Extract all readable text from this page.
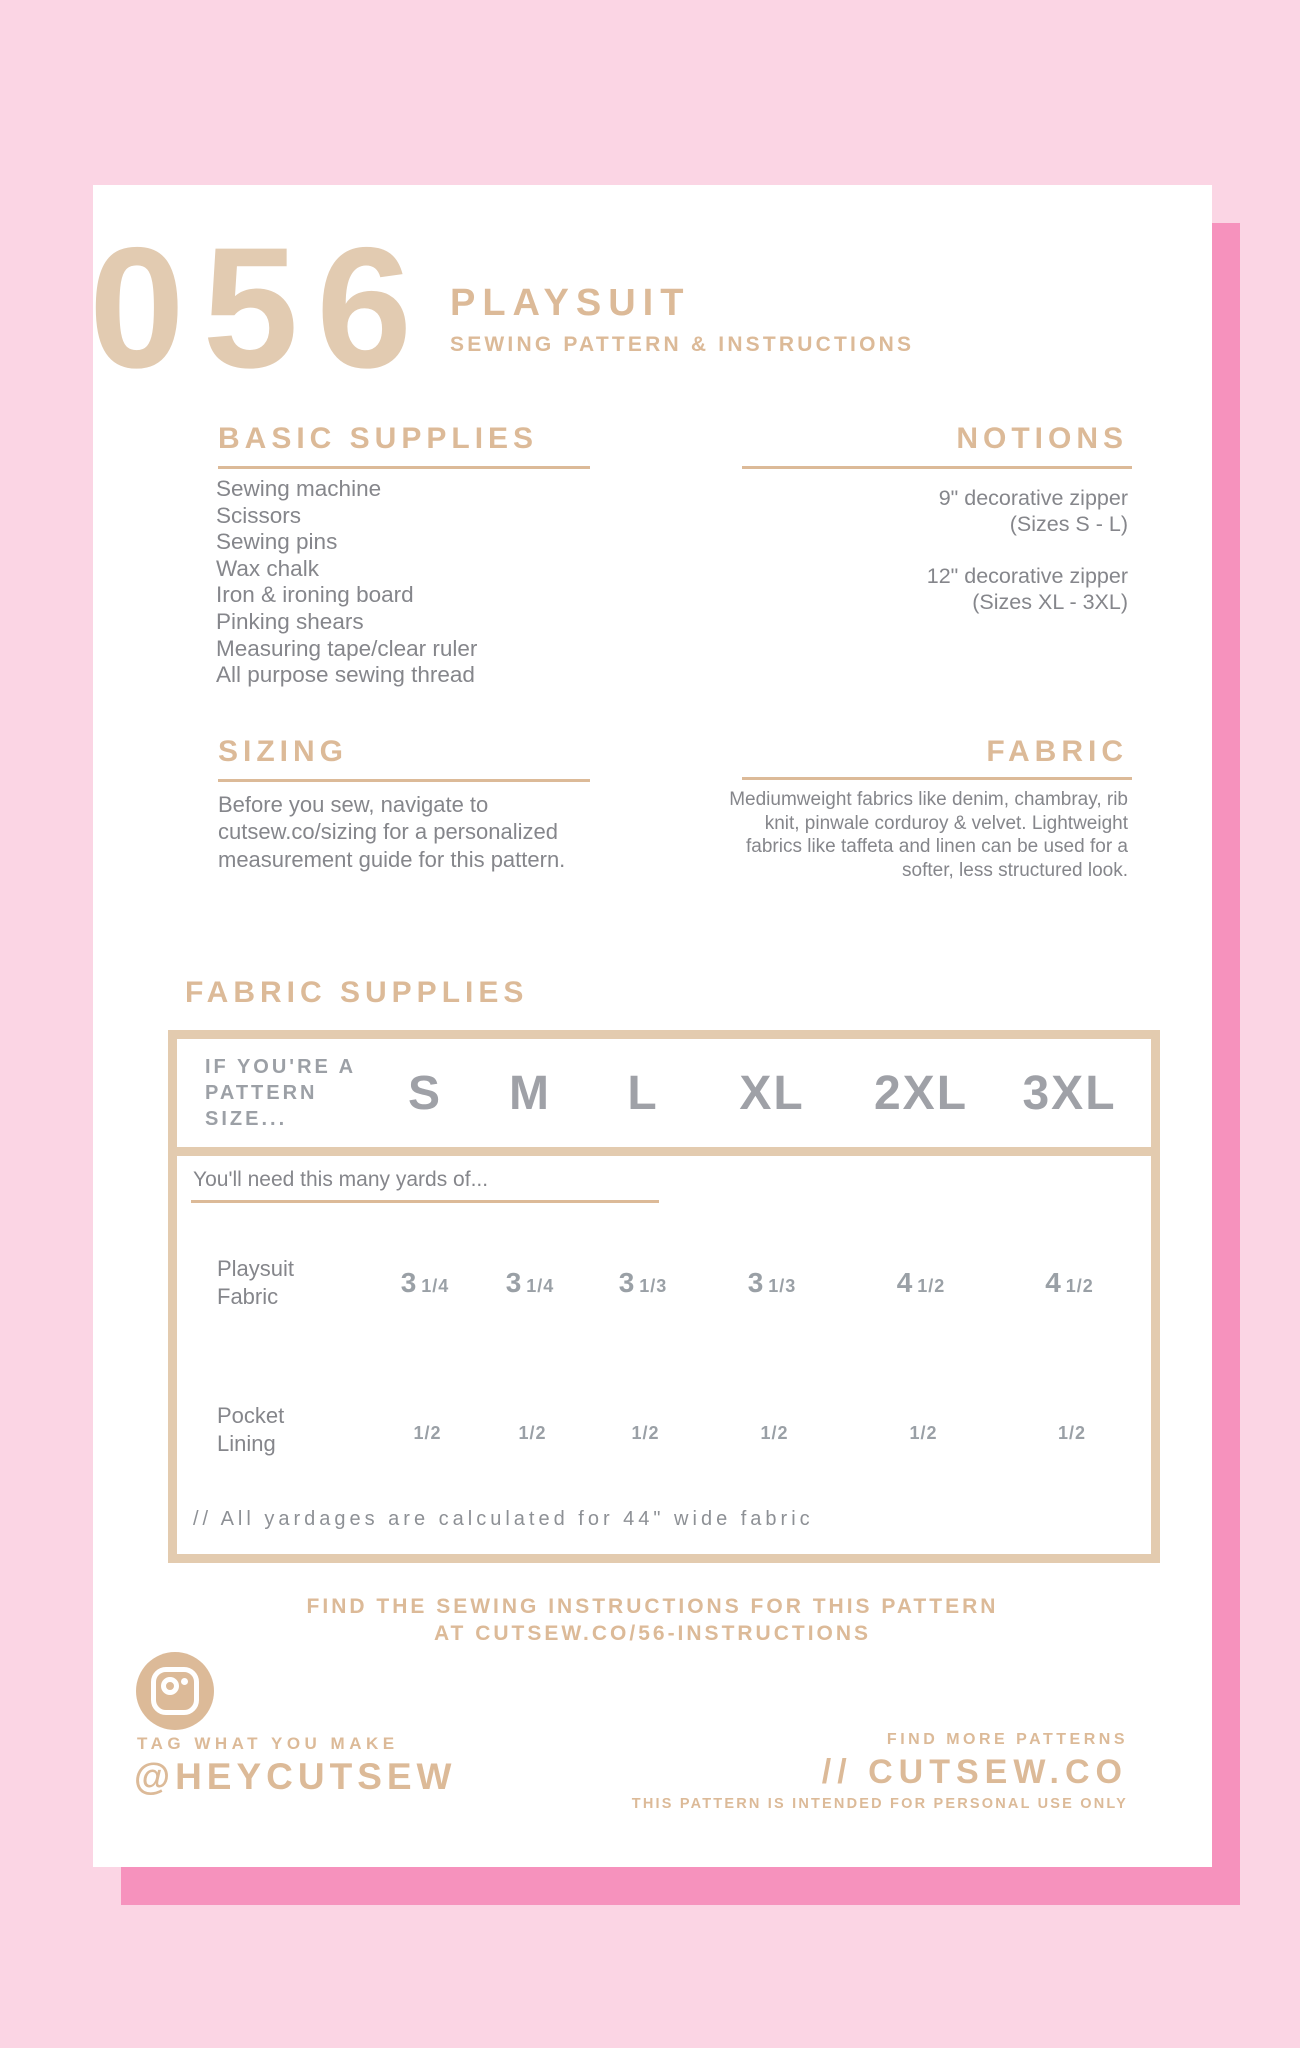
056 PLAYSUIT
SEWING PATTERN & INSTRUCTIONS
BASIC SUPPLIES
Sewing machine
Scissors
Sewing pins
Wax chalk
Iron & ironing board
Pinking shears
Measuring tape/clear ruler
All purpose sewing thread
NOTIONS
9" decorative zipper
(Sizes S - L)
12" decorative zipper
(Sizes XL - 3XL)
SIZING
Before you sew, navigate to
cutsew.co/sizing for a personalized
measurement guide for this pattern.
FABRIC
Mediumweight fabrics like denim, chambray, rib
knit, pinwale corduroy & velvet. Lightweight
fabrics like taffeta and linen can be used for a
softer, less structured look.
FABRIC SUPPLIES
IF YOU'RE A
PATTERN
SIZE...	S	M	L	XL	2XL	3XL
You'll need this many yards of...
Playsuit Fabric	3 1/4	3 1/4	3 1/3	3 1/3	4 1/2	4 1/2
Pocket Lining	1/2	1/2	1/2	1/2	1/2	1/2
// All yardages are calculated for 44" wide fabric
FIND THE SEWING INSTRUCTIONS FOR THIS PATTERN
AT CUTSEW.CO/56-INSTRUCTIONS
TAG WHAT YOU MAKE
@HEYCUTSEW
FIND MORE PATTERNS
// CUTSEW.CO
THIS PATTERN IS INTENDED FOR PERSONAL USE ONLY
